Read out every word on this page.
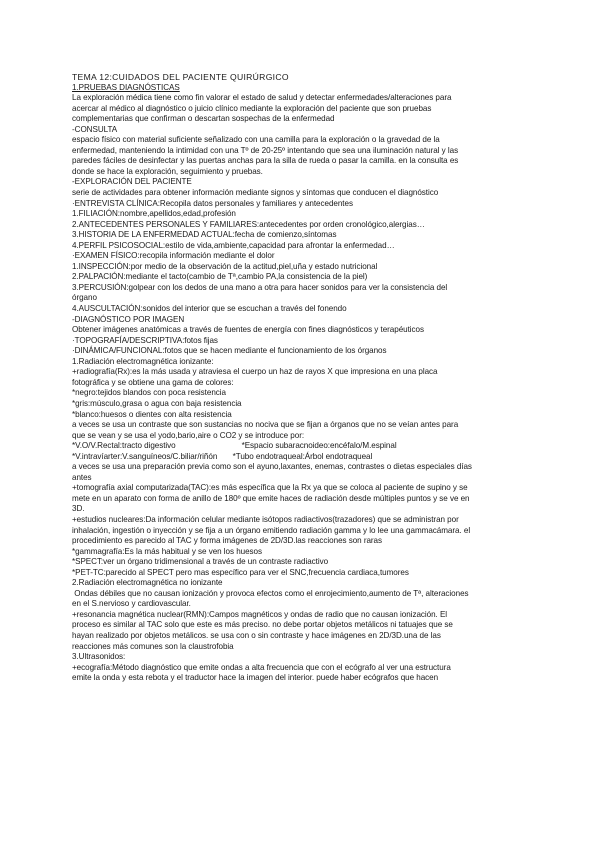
TEMA 12:CUIDADOS DEL PACIENTE QUIRÚRGICO
1.PRUEBAS DIAGNÓSTICAS
La exploración médica tiene como fin valorar el estado de salud y detectar enfermedades/alteraciones para
acercar al médico al diagnóstico o juicio clínico mediante la exploración del paciente que son pruebas
complementarias que confirman o descartan sospechas de la enfermedad
-CONSULTA
espacio físico con material suficiente señalizado con una camilla para la exploración o la gravedad de la
enfermedad, manteniendo la intimidad con una Tº de 20-25º intentando que sea una iluminación natural y las
paredes fáciles de desinfectar y las puertas anchas para la silla de rueda o pasar la camilla. en la consulta es
donde se hace la exploración, seguimiento y pruebas.
-EXPLORACIÓN DEL PACIENTE
serie de actividades para obtener información mediante signos y síntomas que conducen el diagnóstico
·ENTREVISTA CLÍNICA:Recopila datos personales y familiares y antecedentes
1.FILIACIÓN:nombre,apellidos,edad,profesión
2.ANTECEDENTES PERSONALES Y FAMILIARES:antecedentes por orden cronológico,alergias…
3.HISTORIA DE LA ENFERMEDAD ACTUAL:fecha de comienzo,síntomas
4.PERFIL PSICOSOCIAL:estilo de vida,ambiente,capacidad para afrontar la enfermedad…
·EXAMEN FÍSICO:recopila información mediante el dolor
1.INSPECCIÓN:por medio de la observación de la actitud,piel,uña y estado nutricional
2.PALPACIÓN:mediante el tacto(cambio de Tª,cambio PA,la consistencia de la piel)
3.PERCUSIÓN:golpear con los dedos de una mano a otra para hacer sonidos para ver la consistencia del
órgano
4.AUSCULTACIÓN:sonidos del interior que se escuchan a través del fonendo
-DIAGNÓSTICO POR IMAGEN
Obtener imágenes anatómicas a través de fuentes de energía con fines diagnósticos y terapéuticos
·TOPOGRAFÍA/DESCRIPTIVA:fotos fijas
·DINÁMICA/FUNCIONAL:fotos que se hacen mediante el funcionamiento de los órganos
1.Radiación electromagnética ionizante:
+radiografía(Rx):es la más usada y atraviesa el cuerpo un haz de rayos X que impresiona en una placa
fotográfica y se obtiene una gama de colores:
*negro:tejidos blandos con poca resistencia
*gris:músculo,grasa o agua con baja resistencia
*blanco:huesos o dientes con alta resistencia
a veces se usa un contraste que son sustancias no nociva que se fijan a órganos que no se veían antes para
que se vean y se usa el yodo,bario,aire o CO2 y se introduce por:
*V.O/V.Rectal:tracto digestivo                              *Espacio subaracnoideo:encéfalo/M.espinal
*V.intravíarter:V.sanguíneos/C.biliar/riñón       *Tubo endotraqueal:Árbol endotraqueal
a veces se usa una preparación previa como son el ayuno,laxantes, enemas, contrastes o dietas especiales días
antes
+tomografía axial computarizada(TAC):es más específica que la Rx ya que se coloca al paciente de supino y se
mete en un aparato con forma de anillo de 180º que emite haces de radiación desde múltiples puntos y se ve en
3D.
+estudios nucleares:Da información celular mediante isótopos radiactivos(trazadores) que se administran por
inhalación, ingestión o inyección y se fija a un órgano emitiendo radiación gamma y lo lee una gammacámara. el
procedimiento es parecido al TAC y forma imágenes de 2D/3D.las reacciones son raras
*gammagrafía:Es la más habitual y se ven los huesos
*SPECT:ver un órgano tridimensional a través de un contraste radiactivo
*PET-TC:parecido al SPECT pero mas específico para ver el SNC,frecuencia cardiaca,tumores
2.Radiación electromagnética no ionizante
Ondas débiles que no causan ionización y provoca efectos como el enrojecimiento,aumento de Tª, alteraciones
en el S.nervioso y cardiovascular.
+resonancia magnética nuclear(RMN):Campos magnéticos y ondas de radio que no causan ionización. El
proceso es similar al TAC solo que este es más preciso. no debe portar objetos metálicos ni tatuajes que se
hayan realizado por objetos metálicos. se usa con o sin contraste y hace imágenes en 2D/3D.una de las
reacciones más comunes son la claustrofobia
3.Ultrasonidos:
+ecografía:Método diagnóstico que emite ondas a alta frecuencia que con el ecógrafo al ver una estructura
emite la onda y esta rebota y el traductor hace la imagen del interior. puede haber ecógrafos que hacen
